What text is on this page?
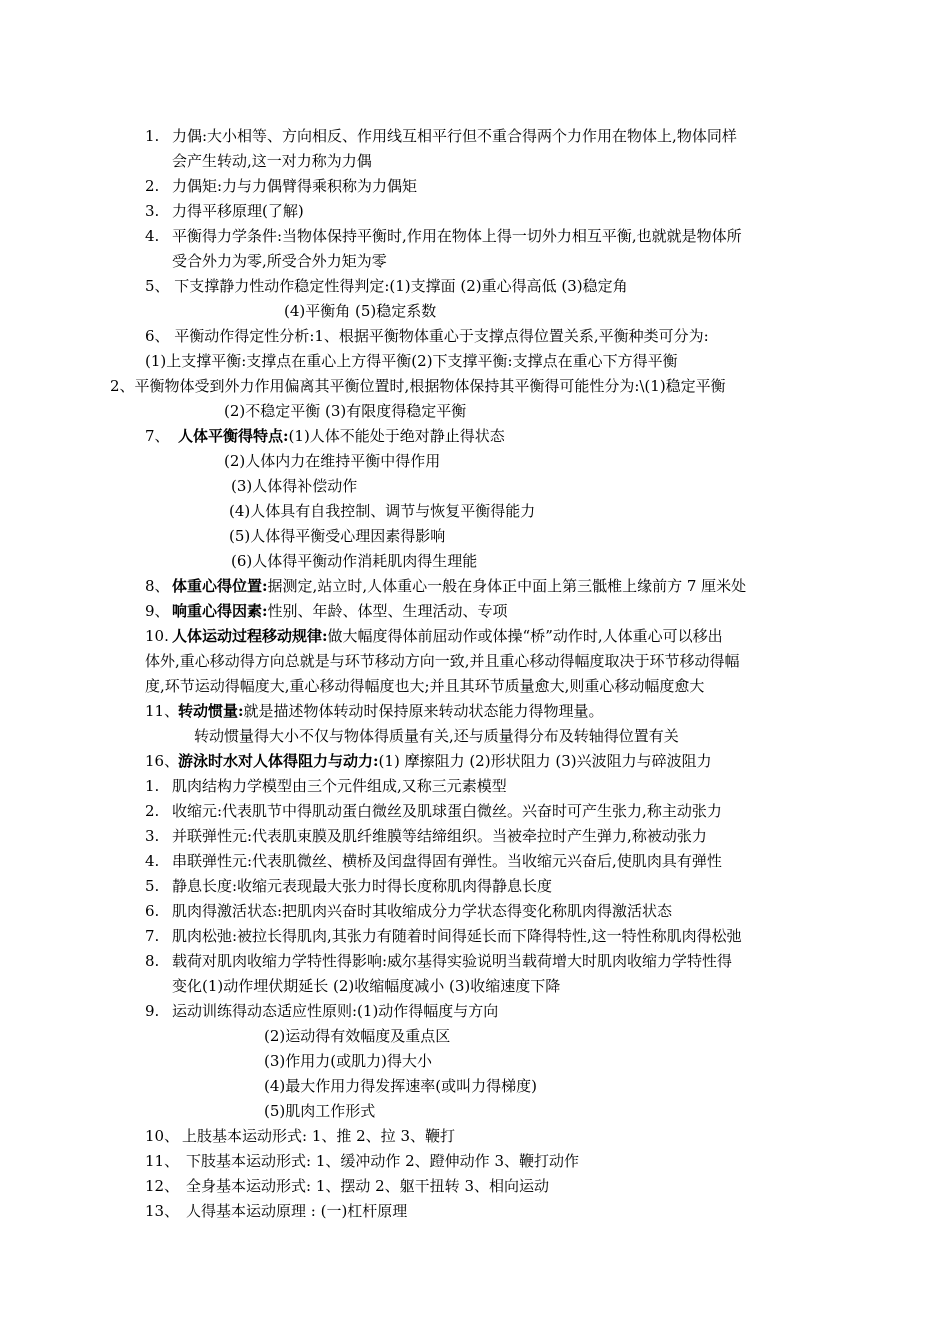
1. 力偶:大小相等、方向相反、作用线互相平行但不重合得两个力作用在物体上,物体同样
会产生转动,这一对力称为力偶
2. 力偶矩:力与力偶臂得乘积称为力偶矩
3. 力得平移原理(了解)
4. 平衡得力学条件:当物体保持平衡时,作用在物体上得一切外力相互平衡,也就就是物体所
受合外力为零,所受合外力矩为零
5、 下支撑静力性动作稳定性得判定:(1)支撑面 (2)重心得高低 (3)稳定角
(4)平衡角 (5)稳定系数
6、 平衡动作得定性分析:1、根据平衡物体重心于支撑点得位置关系,平衡种类可分为:
(1)上支撑平衡:支撑点在重心上方得平衡(2)下支撑平衡:支撑点在重心下方得平衡
2、平衡物体受到外力作用偏离其平衡位置时,根据物体保持其平衡得可能性分为:\(1)稳定平衡
(2)不稳定平衡 (3)有限度得稳定平衡
7、 人体平衡得特点:(1)人体不能处于绝对静止得状态
(2)人体内力在维持平衡中得作用
(3)人体得补偿动作
(4)人体具有自我控制、调节与恢复平衡得能力
(5)人体得平衡受心理因素得影响
(6)人体得平衡动作消耗肌肉得生理能
8、 体重心得位置:据测定,站立时,人体重心一般在身体正中面上第三骶椎上缘前方 7 厘米处
9、 响重心得因素:性别、年龄、体型、生理活动、专项
10. 人体运动过程移动规律:做大幅度得体前屈动作或体操“桥”动作时,人体重心可以移出
体外,重心移动得方向总就是与环节移动方向一致,并且重心移动得幅度取决于环节移动得幅
度,环节运动得幅度大,重心移动得幅度也大;并且其环节质量愈大,则重心移动幅度愈大
11、
转动惯量:就是描述物体转动时保持原来转动状态能力得物理量。
转动惯量得大小不仅与物体得质量有关,还与质量得分布及转轴得位置有关
16、
游泳时水对人体得阻力与动力:(1) 摩擦阻力 (2)形状阻力 (3)兴波阻力与碎波阻力
1. 肌肉结构力学模型由三个元件组成,又称三元素模型
2. 收缩元:代表肌节中得肌动蛋白微丝及肌球蛋白微丝。兴奋时可产生张力,称主动张力
3. 并联弹性元:代表肌束膜及肌纤维膜等结缔组织。当被牵拉时产生弹力,称被动张力
4. 串联弹性元:代表肌微丝、横桥及闰盘得固有弹性。当收缩元兴奋后,使肌肉具有弹性
5. 静息长度:收缩元表现最大张力时得长度称肌肉得静息长度
6. 肌肉得激活状态:把肌肉兴奋时其收缩成分力学状态得变化称肌肉得激活状态
7. 肌肉松弛:被拉长得肌肉,其张力有随着时间得延长而下降得特性,这一特性称肌肉得松弛
8. 载荷对肌肉收缩力学特性得影响:威尔基得实验说明当载荷增大时肌肉收缩力学特性得
变化(1)动作埋伏期延长 (2)收缩幅度减小 (3)收缩速度下降
9. 运动训练得动态适应性原则:(1)动作得幅度与方向
(2)运动得有效幅度及重点区
(3)作用力(或肌力)得大小
(4)最大作用力得发挥速率(或叫力得梯度)
(5)肌肉工作形式
10、 上肢基本运动形式: 1、推 2、拉 3、鞭打
11、 下肢基本运动形式: 1、缓冲动作 2、蹬伸动作 3、鞭打动作
12、 全身基本运动形式: 1、摆动 2、躯干扭转 3、相向运动
13、 人得基本运动原理 : (一)杠杆原理
